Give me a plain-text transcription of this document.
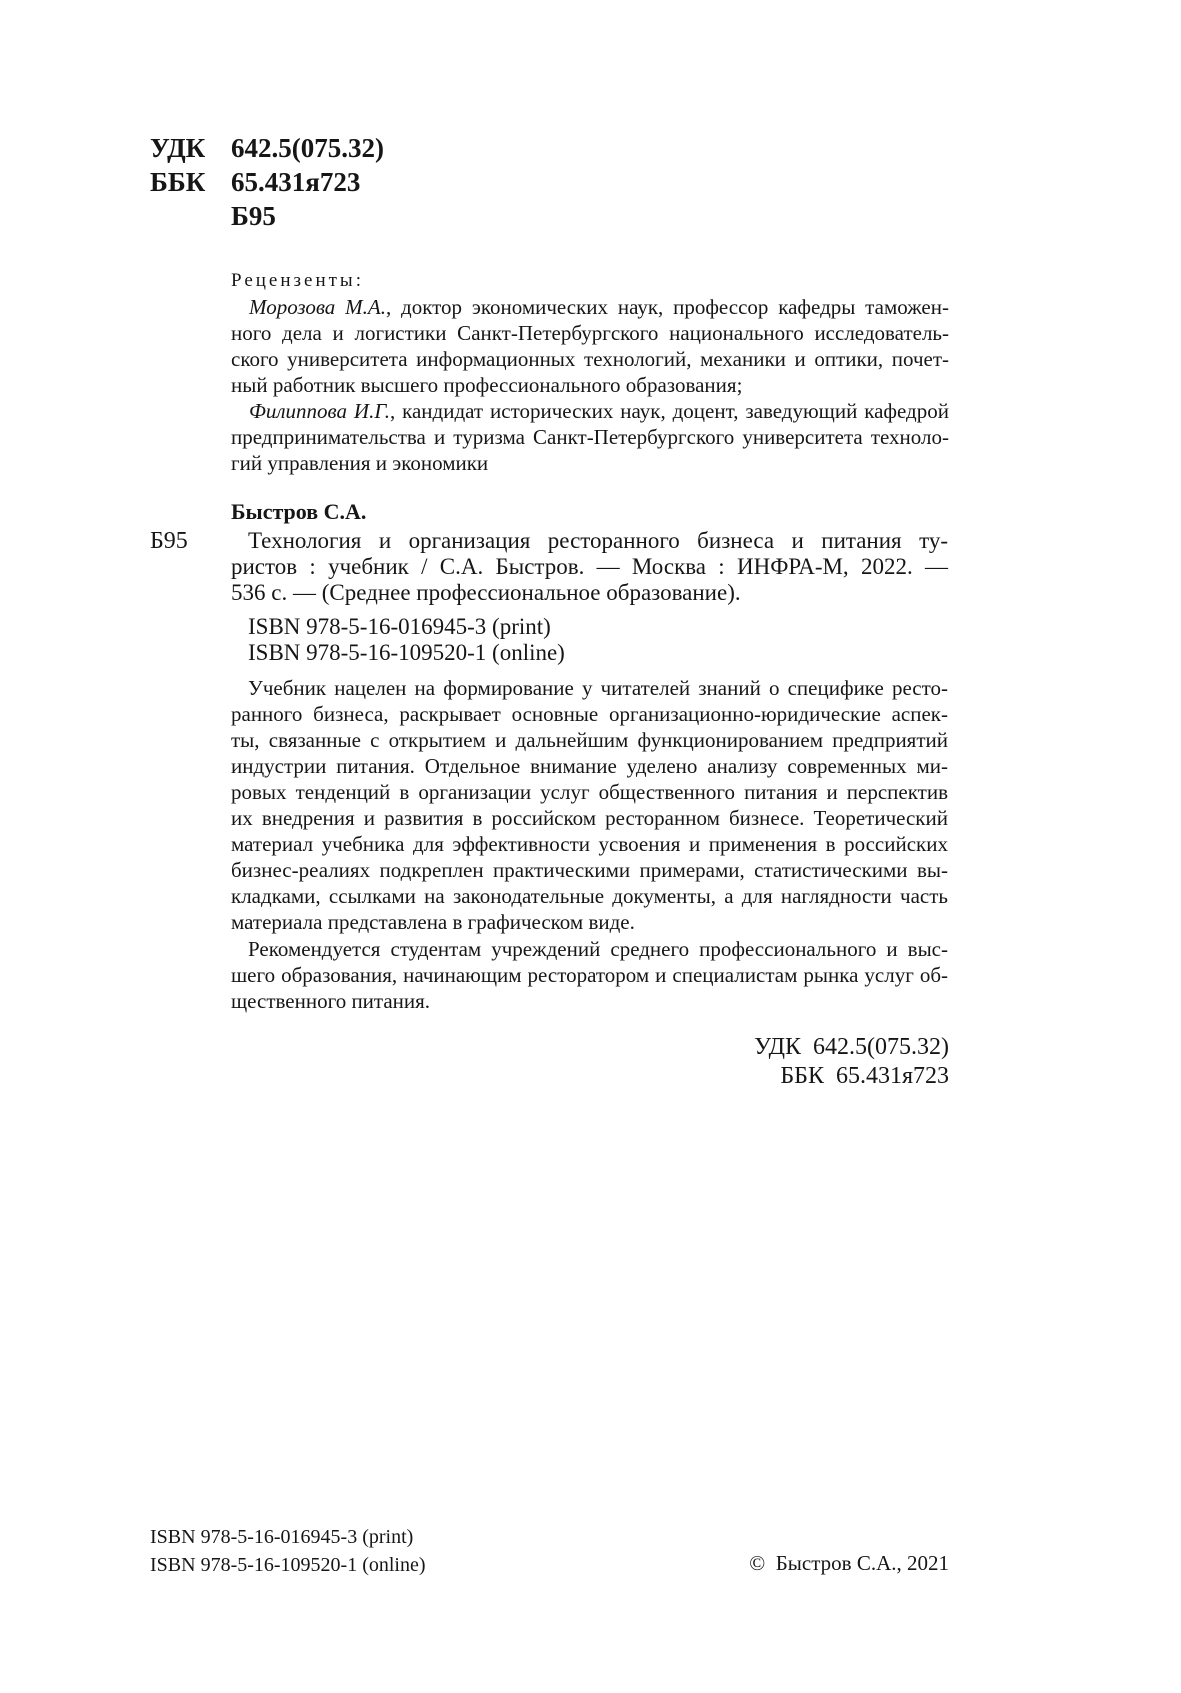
УДК 642.5(075.32)
ББК 65.431я723
Б95
Рецензенты:
Морозова М.А., доктор экономических наук, профессор кафедры таможен-
ного дела и логистики Санкт-Петербургского национального исследователь-
ского университета информационных технологий, механики и оптики, почет-
ный работник высшего профессионального образования;
Филиппова И.Г., кандидат исторических наук, доцент, заведующий кафедрой
предпринимательства и туризма Санкт-Петербургского университета техноло-
гий управления и экономики
Быстров С.А.
Б95	Технология и организация ресторанного бизнеса и питания ту-
ристов : учебник / С.А. Быстров. — Москва : ИНФРА-М, 2022. —
536 с. — (Среднее профессиональное образование).
ISBN 978-5-16-016945-3 (print)
ISBN 978-5-16-109520-1 (online)
Учебник нацелен на формирование у читателей знаний о специфике ресто-
ранного бизнеса, раскрывает основные организационно-юридические аспек-
ты, связанные с открытием и дальнейшим функционированием предприятий
индустрии питания. Отдельное внимание уделено анализу современных ми-
ровых тенденций в организации услуг общественного питания и перспектив
их внедрения и развития в российском ресторанном бизнесе. Теоретический
материал учебника для эффективности усвоения и применения в российских
бизнес-реалиях подкреплен практическими примерами, статистическими вы-
кладками, ссылками на законодательные документы, а для наглядности часть
материала представлена в графическом виде.
Рекомендуется студентам учреждений среднего профессионального и выс-
шего образования, начинающим ресторатором и специалистам рынка услуг об-
щественного питания.
УДК  642.5(075.32)
ББК  65.431я723
ISBN 978-5-16-016945-3 (print)
ISBN 978-5-16-109520-1 (online)	© Быстров С.А., 2021
